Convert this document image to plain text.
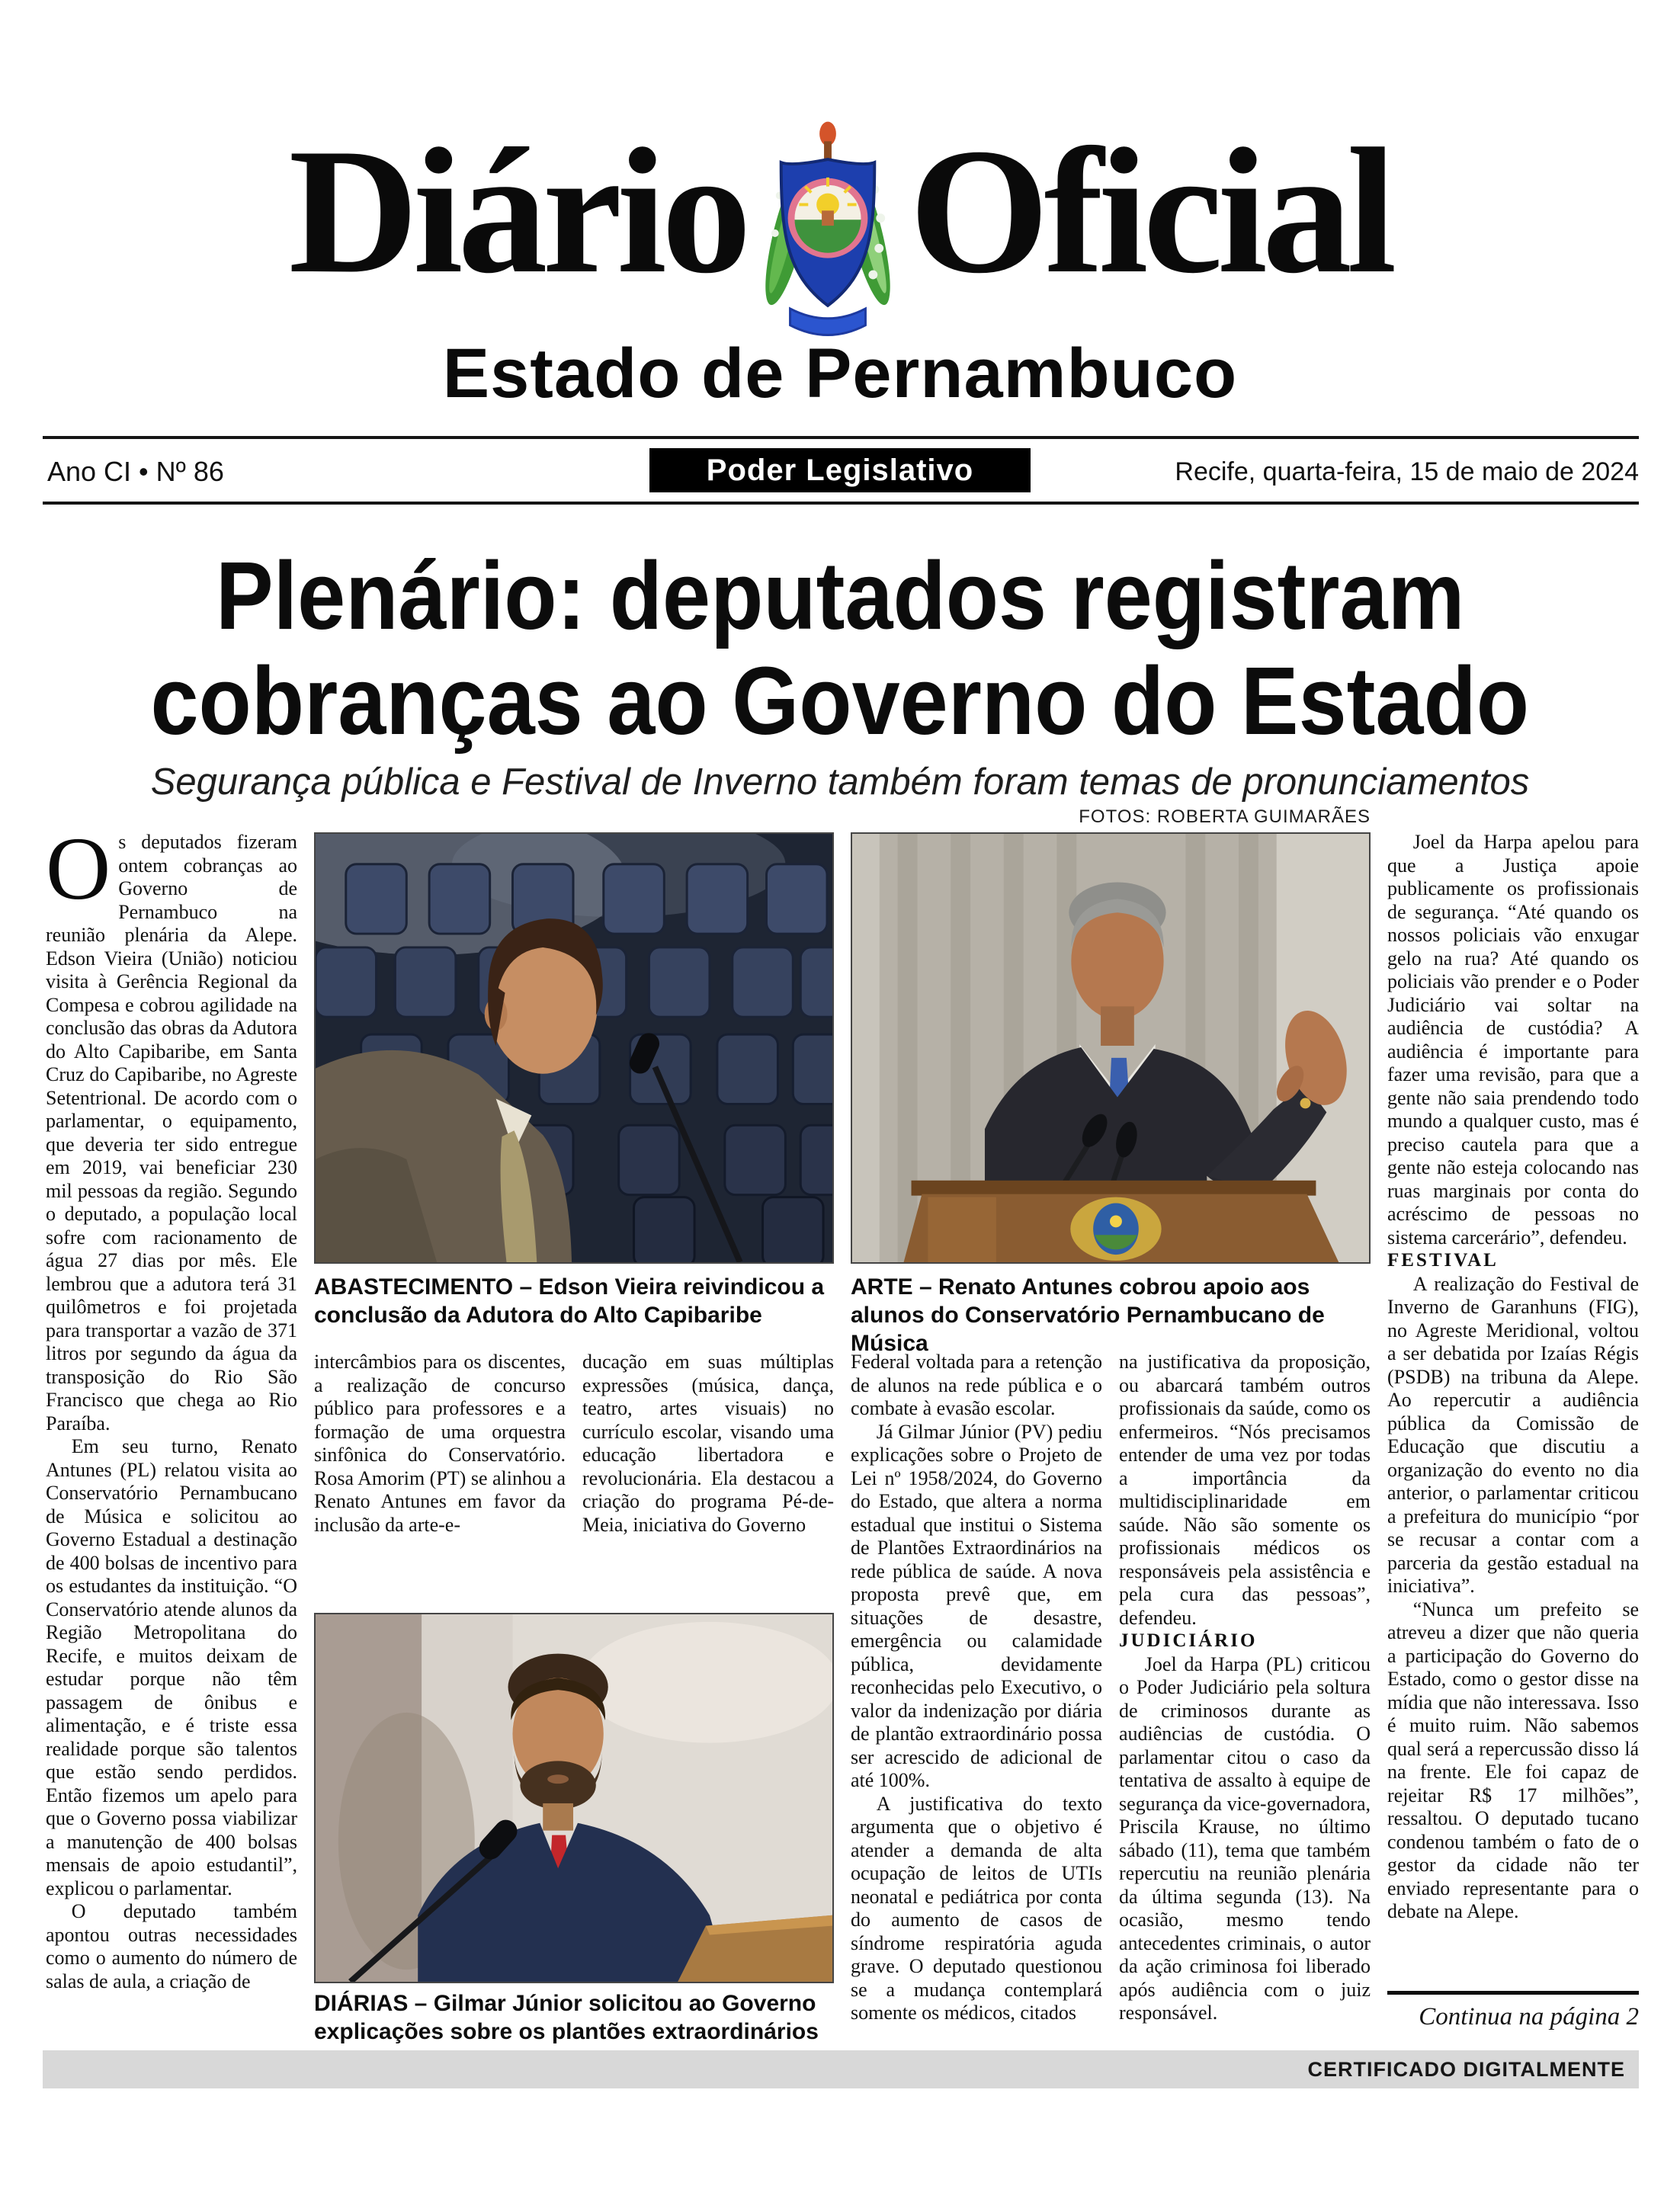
Diário Oficial
Estado de Pernambuco
Ano CI • Nº 86	Poder Legislativo	Recife, quarta-feira, 15 de maio de 2024
Plenário: deputados registram
cobranças ao Governo do Estado
Segurança pública e Festival de Inverno também foram temas de pronunciamentos
FOTOS: ROBERTA GUIMARÃES
ABASTECIMENTO – Edson Vieira reivindicou a conclusão da Adutora do Alto Capibaribe
ARTE – Renato Antunes cobrou apoio aos alunos do Conservatório Pernambucano de Música

Os deputados fizeram ontem cobranças ao Governo de Pernambuco na reunião plenária da Alepe. Edson Vieira (União) noticiou visita à Gerência Regional da Compesa e cobrou agilidade na conclusão das obras da Adutora do Alto Capibaribe, em Santa Cruz do Capibaribe, no Agreste Setentrional. De acordo com o parlamentar, o equipamento, que deveria ter sido entregue em 2019, vai beneficiar 230 mil pessoas da região. Segundo o deputado, a população local sofre com racionamento de água 27 dias por mês. Ele lembrou que a adutora terá 31 quilômetros e foi projetada para transportar a vazão de 371 litros por segundo da água da transposição do Rio São Francisco que chega ao Rio Paraíba.

Em seu turno, Renato Antunes (PL) relatou visita ao Conservatório Pernambucano de Música e solicitou ao Governo Estadual a destinação de 400 bolsas de incentivo para os estudantes da instituição. “O Conservatório atende alunos da Região Metropolitana do Recife, e muitos deixam de estudar porque não têm passagem de ônibus e alimentação, e é triste essa realidade porque são talentos que estão sendo perdidos. Então fizemos um apelo para que o Governo possa viabilizar a manutenção de 400 bolsas mensais de apoio estudantil”, explicou o parlamentar.

O deputado também apontou outras necessidades como o aumento do número de salas de aula, a criação de

intercâmbios para os discentes, a realização de concurso público para professores e a formação de uma orquestra sinfônica do Conservatório. Rosa Amorim (PT) se alinhou a Renato Antunes em favor da inclusão da arte-e-

ducação em suas múltiplas expressões (música, dança, teatro, artes visuais) no currículo escolar, visando uma educação libertadora e revolucionária. Ela destacou a criação do programa Pé-de-Meia, iniciativa do Governo

DIÁRIAS – Gilmar Júnior solicitou ao Governo explicações sobre os plantões extraordinários

Federal voltada para a retenção de alunos na rede pública e o combate à evasão escolar.

Já Gilmar Júnior (PV) pediu explicações sobre o Projeto de Lei nº 1958/2024, do Governo do Estado, que altera a norma estadual que institui o Sistema de Plantões Extraordinários na rede pública de saúde. A nova proposta prevê que, em situações de desastre, emergência ou calamidade pública, devidamente reconhecidas pelo Executivo, o valor da indenização por diária de plantão extraordinário possa ser acrescido de adicional de até 100%.

A justificativa do texto argumenta que o objetivo é atender a demanda de alta ocupação de leitos de UTIs neonatal e pediátrica por conta do aumento de casos de síndrome respiratória aguda grave. O deputado questionou se a mudança contemplará somente os médicos, citados

na justificativa da proposição, ou abarcará também outros profissionais da saúde, como os enfermeiros. “Nós precisamos entender de uma vez por todas a importância da multidisciplinaridade em saúde. Não são somente os profissionais médicos os responsáveis pela assistência e pela cura das pessoas”, defendeu.

JUDICIÁRIO

Joel da Harpa (PL) criticou o Poder Judiciário pela soltura de criminosos durante as audiências de custódia. O parlamentar citou o caso da tentativa de assalto à equipe de segurança da vice-governadora, Priscila Krause, no último sábado (11), tema que também repercutiu na reunião plenária da última segunda (13). Na ocasião, mesmo tendo antecedentes criminais, o autor da ação criminosa foi liberado após audiência com o juiz responsável.

Joel da Harpa apelou para que a Justiça apoie publicamente os profissionais de segurança. “Até quando os nossos policiais vão enxugar gelo na rua? Até quando os policiais vão prender e o Poder Judiciário vai soltar na audiência de custódia? A audiência é importante para fazer uma revisão, para que a gente não saia prendendo todo mundo a qualquer custo, mas é preciso cautela para que a gente não esteja colocando nas ruas marginais por conta do acréscimo de pessoas no sistema carcerário”, defendeu.

FESTIVAL

A realização do Festival de Inverno de Garanhuns (FIG), no Agreste Meridional, voltou a ser debatida por Izaías Régis (PSDB) na tribuna da Alepe. Ao repercutir a audiência pública da Comissão de Educação que discutiu a organização do evento no dia anterior, o parlamentar criticou a prefeitura do município “por se recusar a contar com a parceria da gestão estadual na iniciativa”.

“Nunca um prefeito se atreveu a dizer que não queria a participação do Governo do Estado, como o gestor disse na mídia que não interessava. Isso é muito ruim. Não sabemos qual será a repercussão disso lá na frente. Ele foi capaz de rejeitar R$ 17 milhões”, ressaltou. O deputado tucano condenou também o fato de o gestor da cidade não ter enviado representante para o debate na Alepe.

Continua na página 2
CERTIFICADO DIGITALMENTE
